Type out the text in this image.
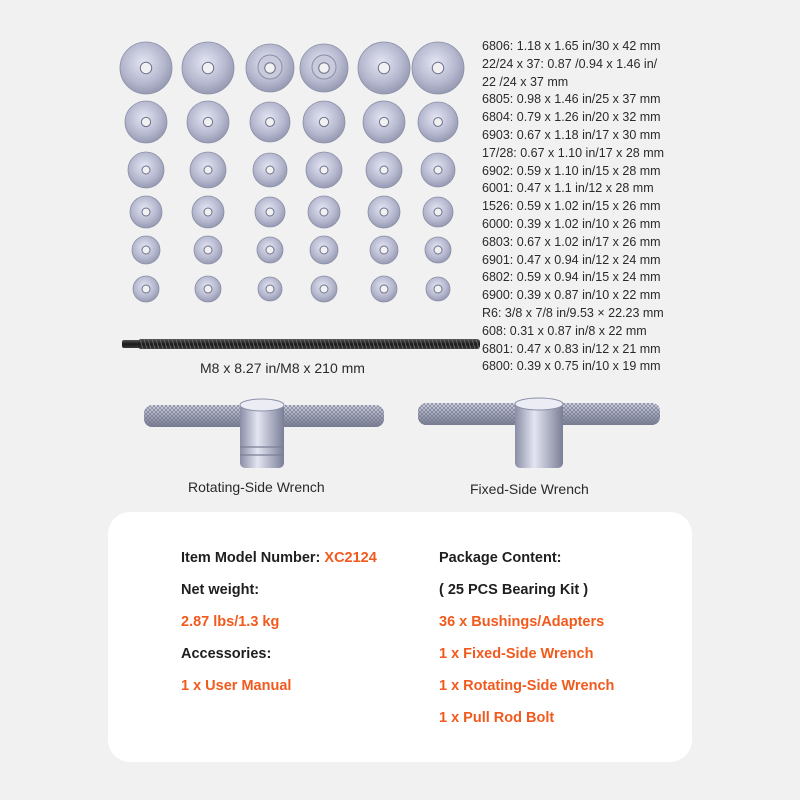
6806: 1.18 x 1.65 in/30 x 42 mm
22/24 x 37: 0.87 /0.94 x 1.46 in/
22 /24 x 37 mm
6805: 0.98 x 1.46 in/25 x 37 mm
6804: 0.79 x 1.26 in/20 x 32 mm
6903: 0.67 x 1.18 in/17 x 30 mm
17/28: 0.67 x 1.10 in/17 x 28 mm
6902: 0.59 x 1.10 in/15 x 28 mm
6001: 0.47 x 1.1 in/12 x 28 mm
1526: 0.59 x 1.02 in/15 x 26 mm
6000: 0.39 x 1.02 in/10 x 26 mm
6803: 0.67 x 1.02 in/17 x 26 mm
6901: 0.47 x 0.94 in/12 x 24 mm
6802: 0.59 x 0.94 in/15 x 24 mm
6900: 0.39 x 0.87 in/10 x 22 mm
R6: 3/8 x 7/8 in/9.53 × 22.23 mm
608: 0.31 x 0.87 in/8 x 22 mm
6801: 0.47 x 0.83 in/12 x 21 mm
6800: 0.39 x 0.75 in/10 x 19 mm
M8 x 8.27 in/M8 x 210 mm
Rotating-Side Wrench	Fixed-Side Wrench
Item Model Number: XC2124
Net weight:
2.87 lbs/1.3 kg
Accessories:
1 x User Manual
Package Content:
( 25 PCS Bearing Kit )
36 x Bushings/Adapters
1 x Fixed-Side Wrench
1 x Rotating-Side Wrench
1 x Pull Rod Bolt
